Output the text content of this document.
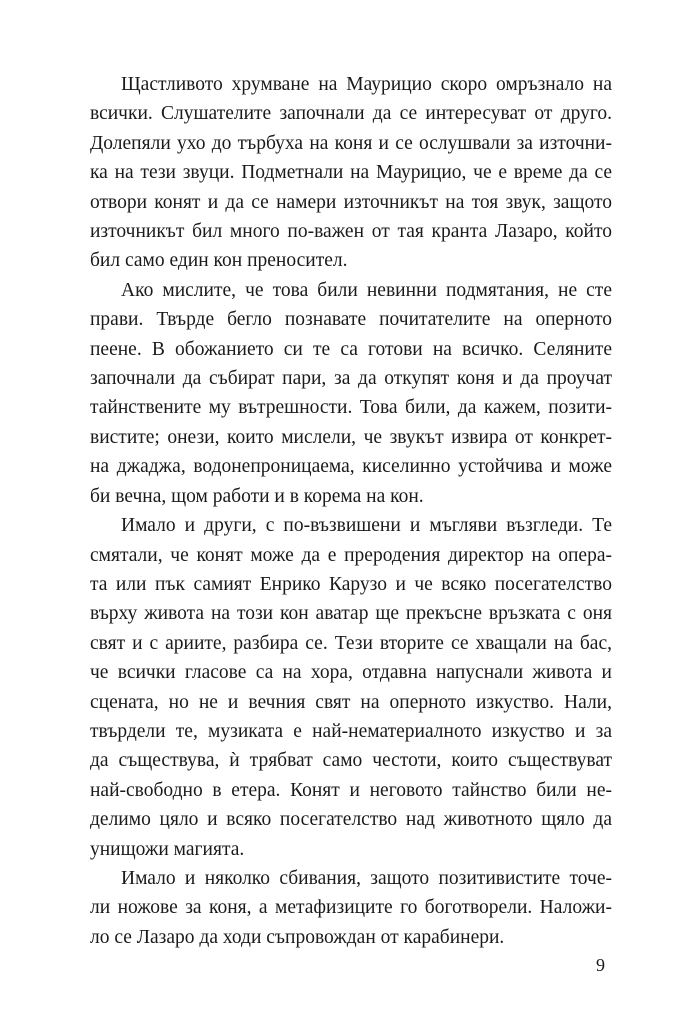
Щастливото хрумване на Маурицио скоро омръзнало на
всички. Слушателите започнали да се интересуват от друго.
Долепяли ухо до търбуха на коня и се ослушвали за източни-
ка на тези звуци. Подметнали на Маурицио, че е време да се
отвори конят и да се намери източникът на тоя звук, защото
източникът бил много по-важен от тая кранта Лазаро, който
бил само един кон преносител.

Ако мислите, че това били невинни подмятания, не сте
прави. Твърде бегло познавате почитателите на оперното
пеене. В обожанието си те са готови на всичко. Селяните
започнали да събират пари, за да откупят коня и да проучат
тайнствените му вътрешности. Това били, да кажем, позити-
вистите; онези, които мислели, че звукът извира от конкрет-
на джаджа, водонепроницаема, киселинно устойчива и може
би вечна, щом работи и в корема на кон.

Имало и други, с по-възвишени и мъгляви възгледи. Те
смятали, че конят може да е преродения директор на опера-
та или пък самият Енрико Карузо и че всяко посегателство
върху живота на този кон аватар ще прекъсне връзката с оня
свят и с ариите, разбира се. Тези вторите се хващали на бас,
че всички гласове са на хора, отдавна напуснали живота и
сцената, но не и вечния свят на оперното изкуство. Нали,
твърдели те, музиката е най-нематериалното изкуство и за
да съществува, ѝ трябват само честоти, които съществуват
най-свободно в етера. Конят и неговото тайнство били не-
делимо цяло и всяко посегателство над животното щяло да
унищожи магията.

Имало и няколко сбивания, защото позитивистите точе-
ли ножове за коня, а метафизиците го боготворели. Наложи-
ло се Лазаро да ходи съпровождан от карабинери.

9
